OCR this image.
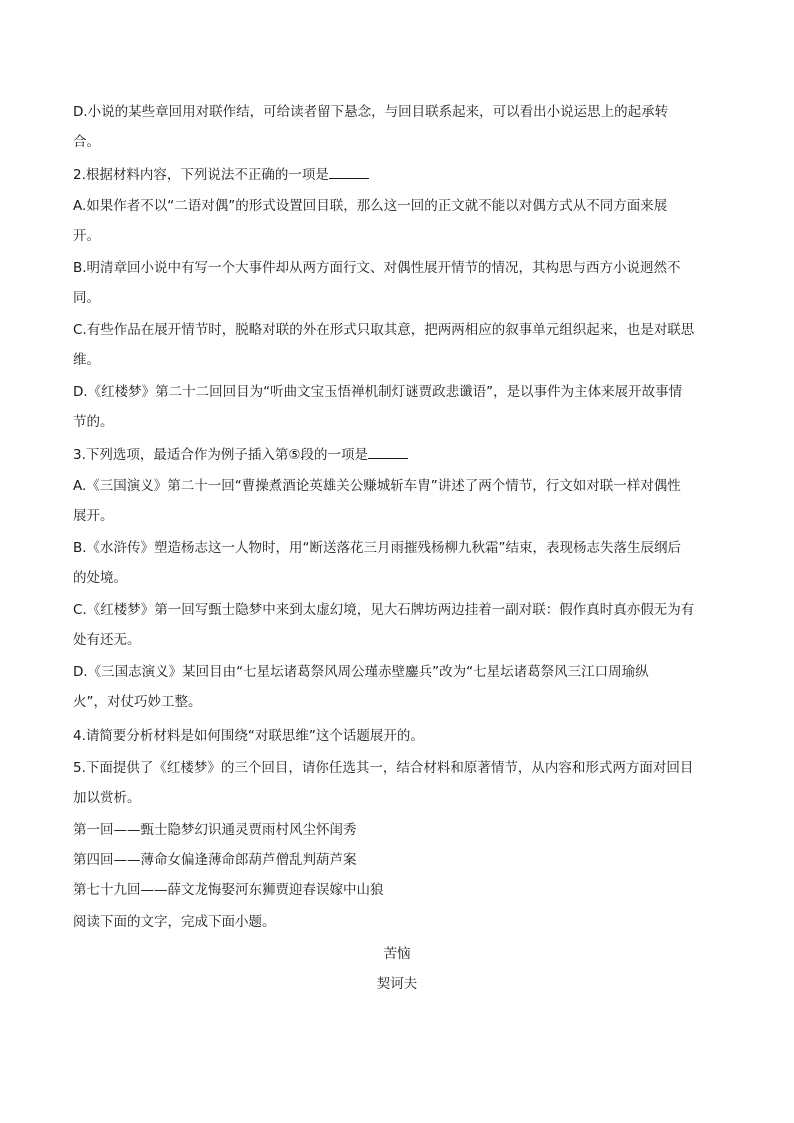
D.小说的某些章回用对联作结，可给读者留下悬念，与回目联系起来，可以看出小说运思上的起承转
合。
2.根据材料内容，下列说法不正确的一项是
A.如果作者不以“二语对偶”的形式设置回目联，那么这一回的正文就不能以对偶方式从不同方面来展
开。
B.明清章回小说中有写一个大事件却从两方面行文、对偶性展开情节的情况，其构思与西方小说迥然不
同。
C.有些作品在展开情节时，脱略对联的外在形式只取其意，把两两相应的叙事单元组织起来，也是对联思
维。
D.《红楼梦》第二十二回回目为“听曲文宝玉悟禅机制灯谜贾政悲谶语”，是以事件为主体来展开故事情
节的。
3.下列选项，最适合作为例子插入第⑤段的一项是
A.《三国演义》第二十一回“曹操煮酒论英雄关公赚城斩车胄”讲述了两个情节，行文如对联一样对偶性
展开。
B.《水浒传》塑造杨志这一人物时，用“断送落花三月雨摧残杨柳九秋霜”结束，表现杨志失落生辰纲后
的处境。
C.《红楼梦》第一回写甄士隐梦中来到太虚幻境，见大石牌坊两边挂着一副对联：假作真时真亦假无为有
处有还无。
D.《三国志演义》某回目由“七星坛诸葛祭风周公瑾赤壁鏖兵”改为“七星坛诸葛祭风三江口周瑜纵
火”，对仗巧妙工整。
4.请简要分析材料是如何围绕“对联思维”这个话题展开的。
5.下面提供了《红楼梦》的三个回目，请你任选其一，结合材料和原著情节，从内容和形式两方面对回目
加以赏析。
第一回——甄士隐梦幻识通灵贾雨村风尘怀闺秀
第四回——薄命女偏逢薄命郎葫芦僧乱判葫芦案
第七十九回——薛文龙悔娶河东狮贾迎春误嫁中山狼
阅读下面的文字，完成下面小题。
苦恼
契诃夫
